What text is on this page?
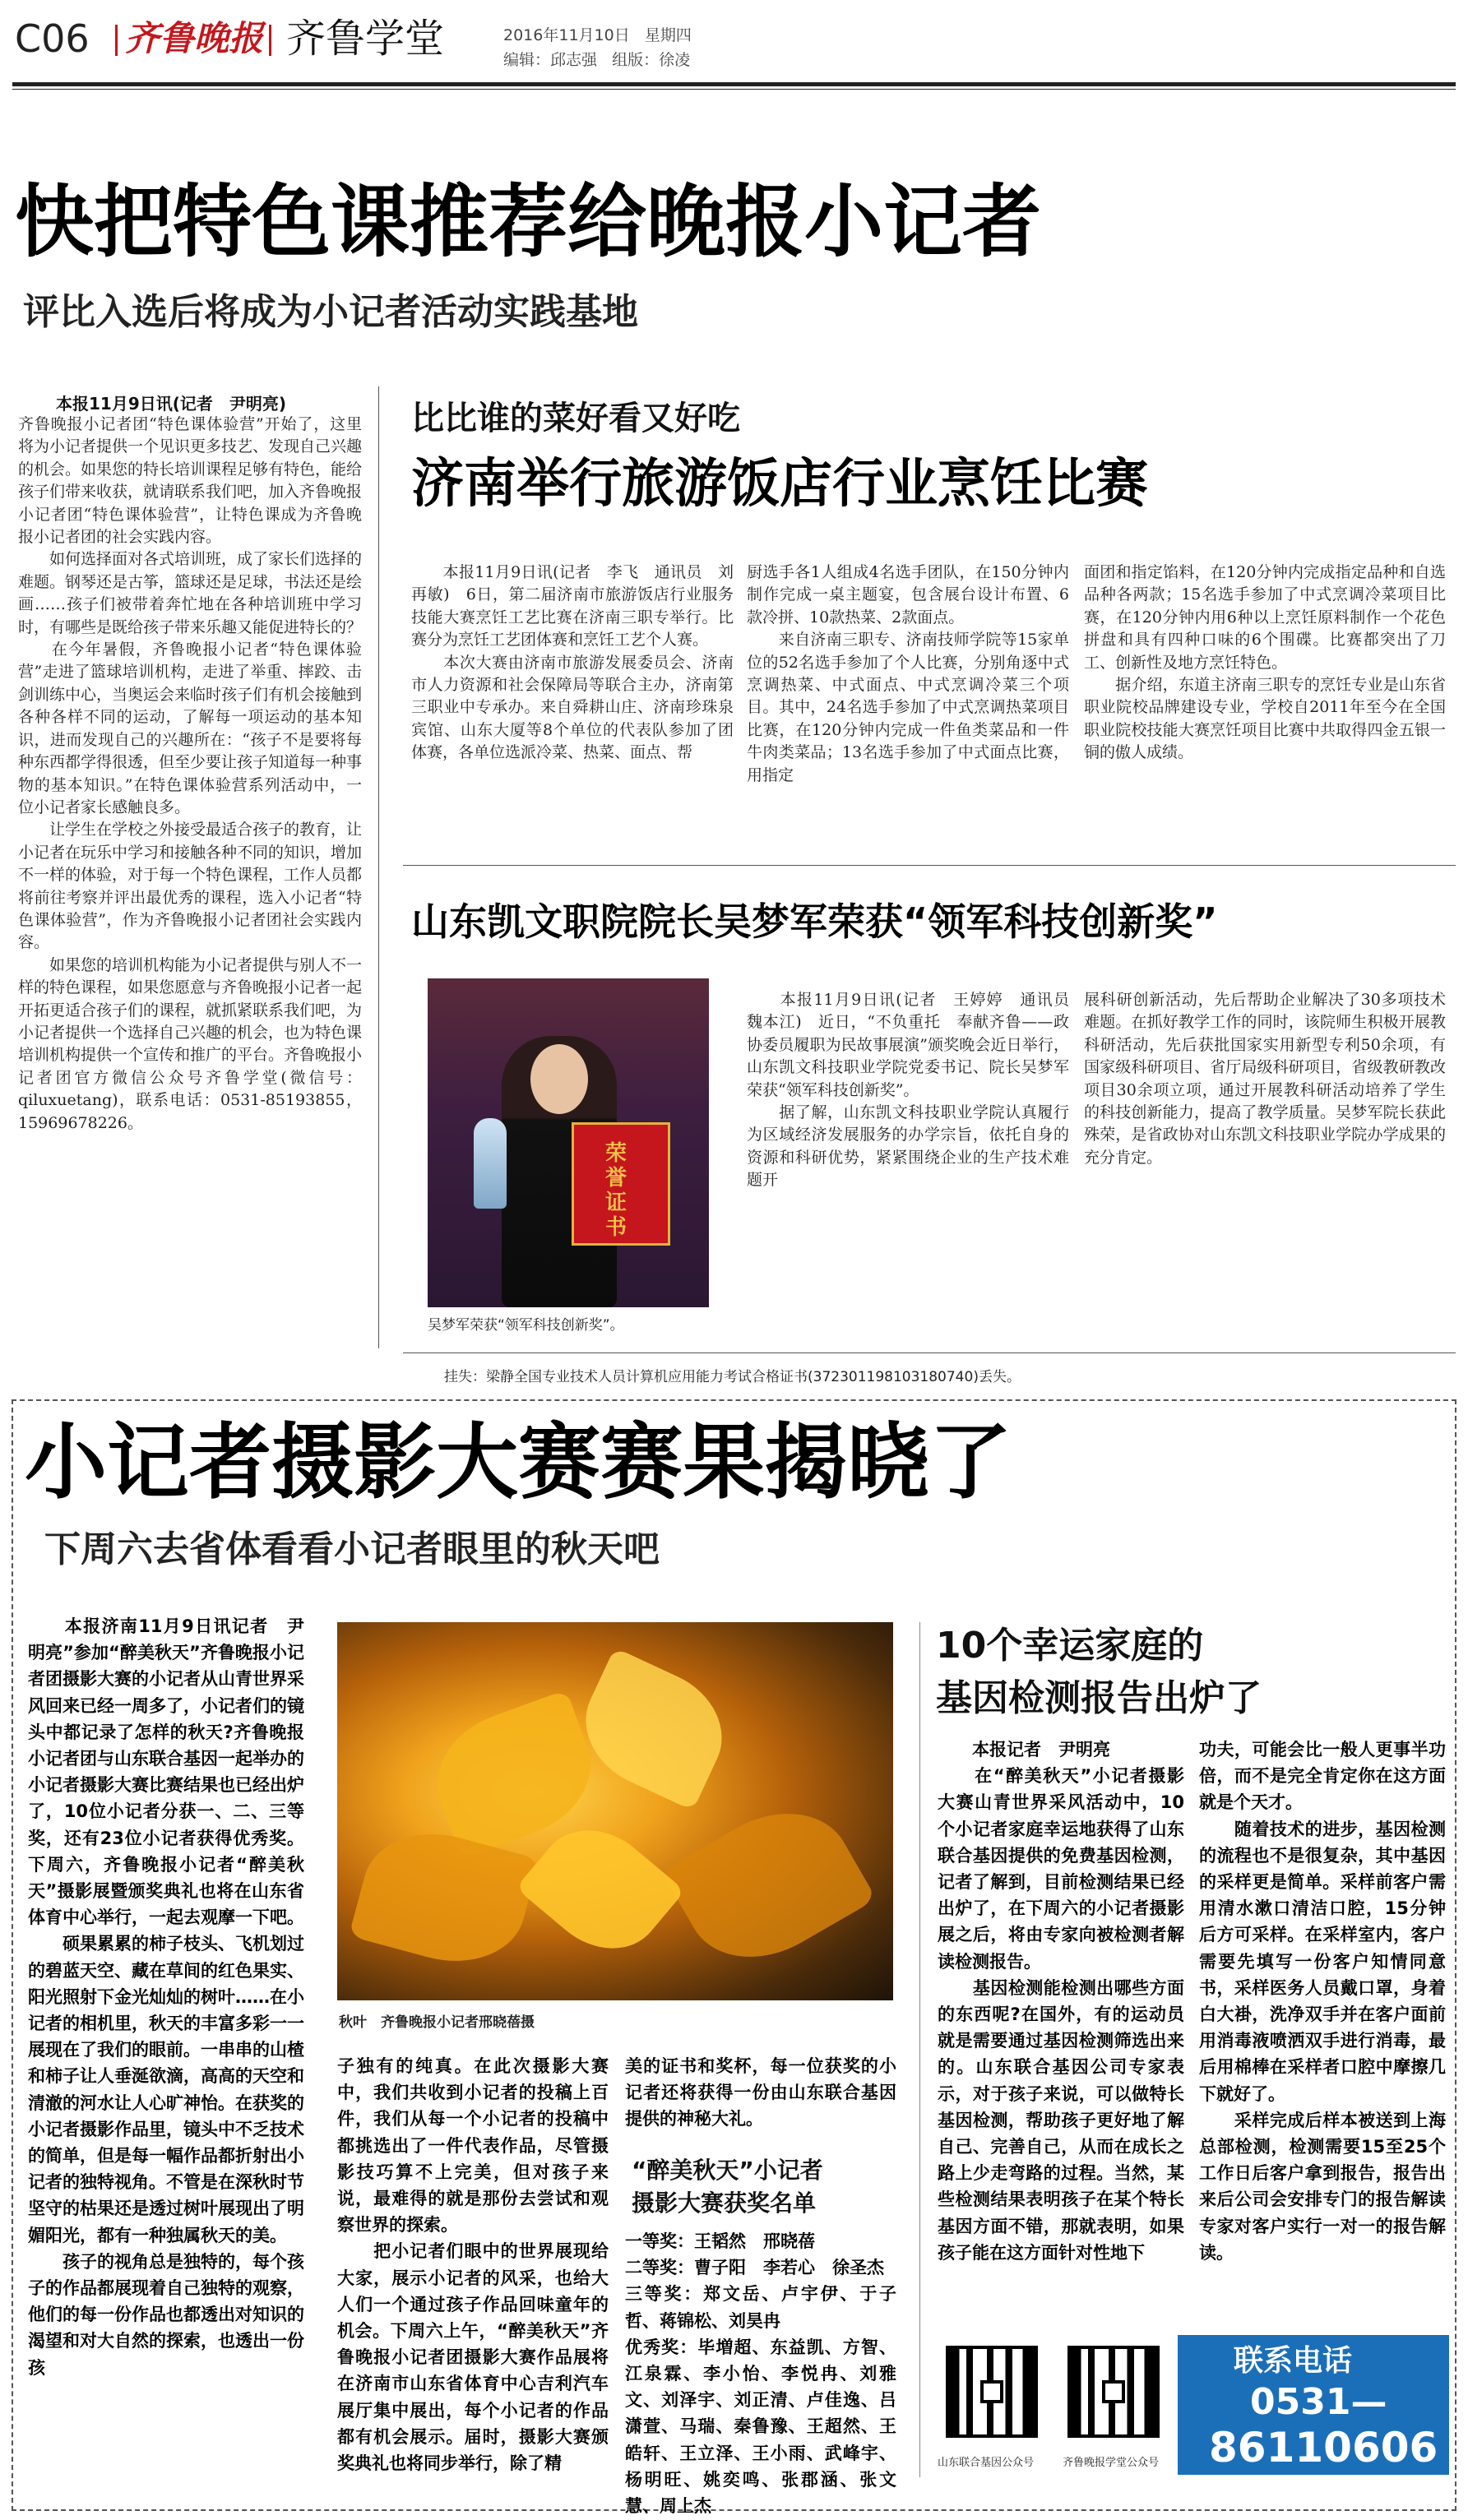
C06 齐鲁晚报 齐鲁学堂	2016年11月10日 星期四
编辑：邱志强 组版：徐凌
快把特色课推荐给晚报小记者
评比入选后将成为小记者活动实践基地
本报11月9日讯(记者　尹明亮)
齐鲁晚报小记者团“特色课体验营”开始了，这里将为小记者提供一个见识更多技艺、发现自己兴趣的机会。如果您的特长培训课程足够有特色，能给孩子们带来收获，就请联系我们吧，加入齐鲁晚报小记者团“特色课体验营”，让特色课成为齐鲁晚报小记者团的社会实践内容。
　　如何选择面对各式培训班，成了家长们选择的难题。钢琴还是古筝，篮球还是足球，书法还是绘画……孩子们被带着奔忙地在各种培训班中学习时，有哪些是既给孩子带来乐趣又能促进特长的？
　　在今年暑假，齐鲁晚报小记者“特色课体验营”走进了篮球培训机构，走进了举重、摔跤、击剑训练中心，当奥运会来临时孩子们有机会接触到各种各样不同的运动，了解每一项运动的基本知识，进而发现自己的兴趣所在：“孩子不是要将每种东西都学得很透，但至少要让孩子知道每一种事物的基本知识。”在特色课体验营系列活动中，一位小记者家长感触良多。
　　让学生在学校之外接受最适合孩子的教育，让小记者在玩乐中学习和接触各种不同的知识，增加不一样的体验，对于每一个特色课程，工作人员都将前往考察并评出最优秀的课程，选入小记者“特色课体验营”，作为齐鲁晚报小记者团社会实践内容。
　　如果您的培训机构能为小记者提供与别人不一样的特色课程，如果您愿意与齐鲁晚报小记者一起开拓更适合孩子们的课程，就抓紧联系我们吧，为小记者提供一个选择自己兴趣的机会，也为特色课培训机构提供一个宣传和推广的平台。齐鲁晚报小记者团官方微信公众号齐鲁学堂(微信号：qiluxuetang)，联系电话：0531-85193855，15969678226。
比比谁的菜好看又好吃
济南举行旅游饭店行业烹饪比赛
　　本报11月9日讯(记者　李飞　通讯员　刘再敏)　6日，第二届济南市旅游饭店行业服务技能大赛烹饪工艺比赛在济南三职专举行。比赛分为烹饪工艺团体赛和烹饪工艺个人赛。
　　本次大赛由济南市旅游发展委员会、济南市人力资源和社会保障局等联合主办，济南第三职业中专承办。来自舜耕山庄、济南珍珠泉宾馆、山东大厦等8个单位的代表队参加了团体赛，各单位选派冷菜、热菜、面点、帮
厨选手各1人组成4名选手团队，在150分钟内制作完成一桌主题宴，包含展台设计布置、6款冷拼、10款热菜、2款面点。
　　来自济南三职专、济南技师学院等15家单位的52名选手参加了个人比赛，分别角逐中式烹调热菜、中式面点、中式烹调冷菜三个项目。其中，24名选手参加了中式烹调热菜项目比赛，在120分钟内完成一件鱼类菜品和一件牛肉类菜品；13名选手参加了中式面点比赛，用指定
面团和指定馅料，在120分钟内完成指定品种和自选品种各两款；15名选手参加了中式烹调冷菜项目比赛，在120分钟内用6种以上烹饪原料制作一个花色拼盘和具有四种口味的6个围碟。比赛都突出了刀工、创新性及地方烹饪特色。
　　据介绍，东道主济南三职专的烹饪专业是山东省职业院校品牌建设专业，学校自2011年至今在全国职业院校技能大赛烹饪项目比赛中共取得四金五银一铜的傲人成绩。
山东凯文职院院长吴梦军荣获“领军科技创新奖”
荣誉证书
吴梦军荣获“领军科技创新奖”。
　　本报11月9日讯(记者　王婷婷　通讯员　魏本江)　近日，“不负重托　奉献齐鲁——政协委员履职为民故事展演”颁奖晚会近日举行，山东凯文科技职业学院党委书记、院长吴梦军荣获“领军科技创新奖”。
　　据了解，山东凯文科技职业学院认真履行为区域经济发展服务的办学宗旨，依托自身的资源和科研优势，紧紧围绕企业的生产技术难题开
展科研创新活动，先后帮助企业解决了30多项技术难题。在抓好教学工作的同时，该院师生积极开展教科研活动，先后获批国家实用新型专利50余项，有国家级科研项目、省厅局级科研项目，省级教研教改项目30余项立项，通过开展教科研活动培养了学生的科技创新能力，提高了教学质量。吴梦军院长获此殊荣，是省政协对山东凯文科技职业学院办学成果的充分肯定。
挂失：梁静全国专业技术人员计算机应用能力考试合格证书(372301198103180740)丢失。
小记者摄影大赛赛果揭晓了
下周六去省体看看小记者眼里的秋天吧
　　本报济南11月9日讯记者　尹明亮”参加“醉美秋天”齐鲁晚报小记者团摄影大赛的小记者从山青世界采风回来已经一周多了，小记者们的镜头中都记录了怎样的秋天?齐鲁晚报小记者团与山东联合基因一起举办的小记者摄影大赛比赛结果也已经出炉了，10位小记者分获一、二、三等奖，还有23位小记者获得优秀奖。下周六，齐鲁晚报小记者“醉美秋天”摄影展暨颁奖典礼也将在山东省体育中心举行，一起去观摩一下吧。
　　硕果累累的柿子枝头、飞机划过的碧蓝天空、藏在草间的红色果实、阳光照射下金光灿灿的树叶……在小记者的相机里，秋天的丰富多彩一一展现在了我们的眼前。一串串的山楂和柿子让人垂涎欲滴，高高的天空和清澈的河水让人心旷神怡。在获奖的小记者摄影作品里，镜头中不乏技术的简单，但是每一幅作品都折射出小记者的独特视角。不管是在深秋时节坚守的枯果还是透过树叶展现出了明媚阳光，都有一种独属秋天的美。
　　孩子的视角总是独特的，每个孩子的作品都展现着自己独特的观察，他们的每一份作品也都透出对知识的渴望和对大自然的探索，也透出一份孩
秋叶　齐鲁晚报小记者邢晓蓓摄
子独有的纯真。在此次摄影大赛中，我们共收到小记者的投稿上百件，我们从每一个小记者的投稿中都挑选出了一件代表作品，尽管摄影技巧算不上完美，但对孩子来说，最难得的就是那份去尝试和观察世界的探索。
　　把小记者们眼中的世界展现给大家，展示小记者的风采，也给大人们一个通过孩子作品回味童年的机会。下周六上午，“醉美秋天”齐鲁晚报小记者团摄影大赛作品展将在济南市山东省体育中心吉利汽车展厅集中展出，每个小记者的作品都有机会展示。届时，摄影大赛颁奖典礼也将同步举行，除了精
美的证书和奖杯，每一位获奖的小记者还将获得一份由山东联合基因提供的神秘大礼。
“醉美秋天”小记者
摄影大赛获奖名单
一等奖：王韬然　邢晓蓓
二等奖：曹子阳　李若心　徐圣杰
三等奖：郑文岳、卢宇伊、于子哲、蒋锦松、刘昊冉
优秀奖：毕増超、东益凯、方智、江泉霖、李小怡、李悦冉、刘雅文、刘泽宇、刘正清、卢佳逸、吕潇萱、马瑞、秦鲁豫、王超然、王皓轩、王立泽、王小雨、武峰宇、杨明旺、姚奕鸣、张郡涵、张文慧、周上杰
10个幸运家庭的
基因检测报告出炉了
　　本报记者　尹明亮
　　在“醉美秋天”小记者摄影大赛山青世界采风活动中，10个小记者家庭幸运地获得了山东联合基因提供的免费基因检测，记者了解到，目前检测结果已经出炉了，在下周六的小记者摄影展之后，将由专家向被检测者解读检测报告。
　　基因检测能检测出哪些方面的东西呢?在国外，有的运动员就是需要通过基因检测筛选出来的。山东联合基因公司专家表示，对于孩子来说，可以做特长基因检测，帮助孩子更好地了解自己、完善自己，从而在成长之路上少走弯路的过程。当然，某些检测结果表明孩子在某个特长基因方面不错，那就表明，如果孩子能在这方面针对性地下
功夫，可能会比一般人更事半功倍，而不是完全肯定你在这方面就是个天才。
　　随着技术的进步，基因检测的流程也不是很复杂，其中基因的采样更是简单。采样前客户需用清水漱口清洁口腔，15分钟后方可采样。在采样室内，客户需要先填写一份客户知情同意书，采样医务人员戴口罩，身着白大褂，洗净双手并在客户面前用消毒液喷洒双手进行消毒，最后用棉棒在采样者口腔中摩擦几下就好了。
　　采样完成后样本被送到上海总部检测，检测需要15至25个工作日后客户拿到报告，报告出来后公司会安排专门的报告解读专家对客户实行一对一的报告解读。
山东联合基因公众号	齐鲁晚报学堂公众号
联系电话
0531—
86110606
